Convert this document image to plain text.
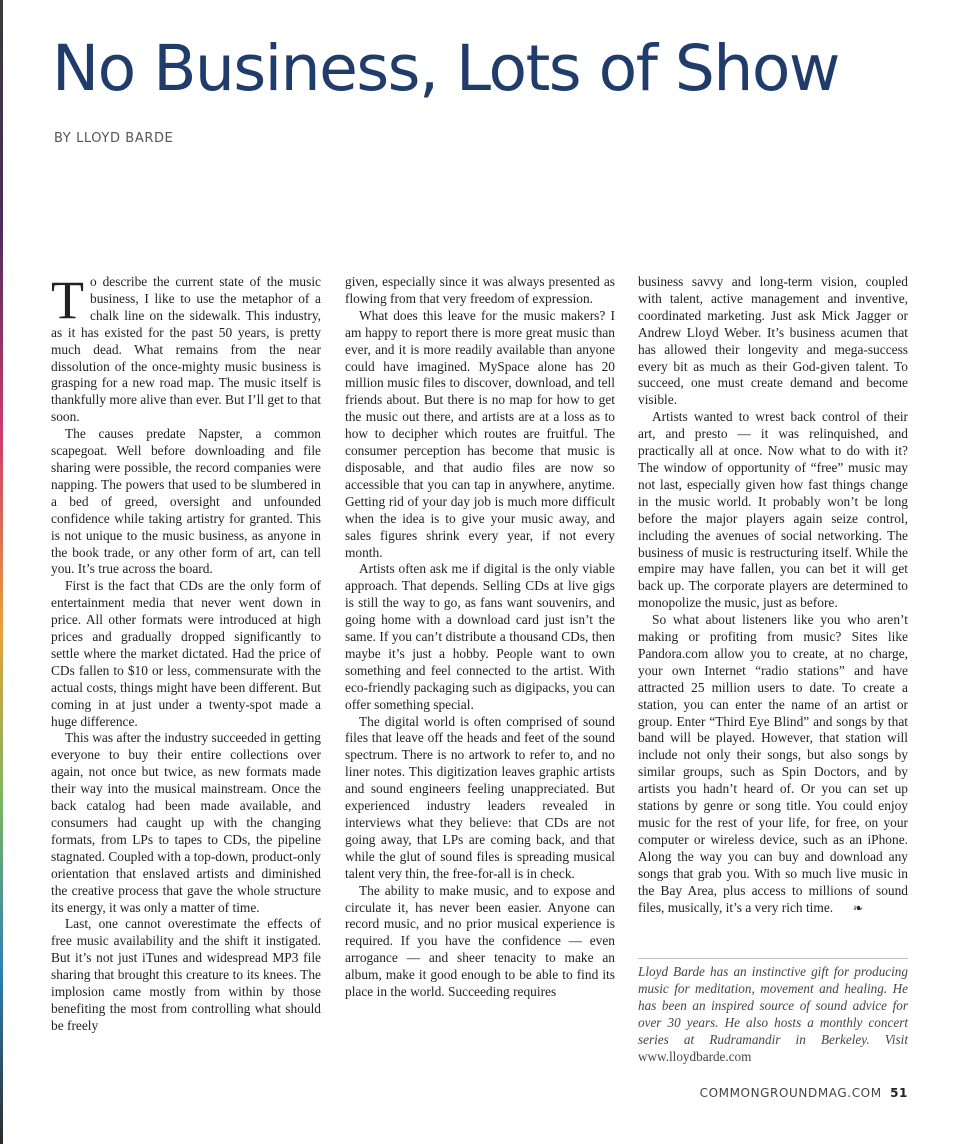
No Business, Lots of Show
BY LLOYD BARDE

To describe the current state of the music business, I like to use the metaphor of a chalk line on the sidewalk. This industry, as it has existed for the past 50 years, is pretty much dead. What remains from the near dissolution of the once-mighty music business is grasping for a new road map. The music itself is thankfully more alive than ever. But I’ll get to that soon.

The causes predate Napster, a common scapegoat. Well before downloading and file sharing were possible, the record companies were napping. The powers that used to be slumbered in a bed of greed, oversight and unfounded confidence while taking artistry for granted. This is not unique to the music business, as anyone in the book trade, or any other form of art, can tell you. It’s true across the board.

First is the fact that CDs are the only form of entertainment media that never went down in price. All other formats were introduced at high prices and gradually dropped significantly to settle where the market dictated. Had the price of CDs fallen to $10 or less, commensurate with the actual costs, things might have been different. But coming in at just under a twenty-spot made a huge difference.

This was after the industry succeeded in getting everyone to buy their entire collections over again, not once but twice, as new formats made their way into the musical mainstream. Once the back catalog had been made available, and consumers had caught up with the changing formats, from LPs to tapes to CDs, the pipeline stagnated. Coupled with a top-down, product-only orientation that enslaved artists and diminished the creative process that gave the whole structure its energy, it was only a matter of time.

Last, one cannot overestimate the effects of free music availability and the shift it instigated. But it’s not just iTunes and widespread MP3 file sharing that brought this creature to its knees. The implosion came mostly from within by those benefiting the most from controlling what should be freely

given, especially since it was always presented as flowing from that very freedom of expression.

What does this leave for the music makers? I am happy to report there is more great music than ever, and it is more readily available than anyone could have imagined. MySpace alone has 20 million music files to discover, download, and tell friends about. But there is no map for how to get the music out there, and artists are at a loss as to how to decipher which routes are fruitful. The consumer perception has become that music is disposable, and that audio files are now so accessible that you can tap in anywhere, anytime. Getting rid of your day job is much more difficult when the idea is to give your music away, and sales figures shrink every year, if not every month.

Artists often ask me if digital is the only viable approach. That depends. Selling CDs at live gigs is still the way to go, as fans want souvenirs, and going home with a download card just isn’t the same. If you can’t distribute a thousand CDs, then maybe it’s just a hobby. People want to own something and feel connected to the artist. With eco-friendly packaging such as digipacks, you can offer something special.

The digital world is often comprised of sound files that leave off the heads and feet of the sound spectrum. There is no artwork to refer to, and no liner notes. This digitization leaves graphic artists and sound engineers feeling unappreciated. But experienced industry leaders revealed in interviews what they believe: that CDs are not going away, that LPs are coming back, and that while the glut of sound files is spreading musical talent very thin, the free-for-all is in check.

The ability to make music, and to expose and circulate it, has never been easier. Anyone can record music, and no prior musical experience is required. If you have the confidence — even arrogance — and sheer tenacity to make an album, make it good enough to be able to find its place in the world. Succeeding requires

business savvy and long-term vision, coupled with talent, active management and inventive, coordinated marketing. Just ask Mick Jagger or Andrew Lloyd Weber. It’s business acumen that has allowed their longevity and mega-success every bit as much as their God-given talent. To succeed, one must create demand and become visible.

Artists wanted to wrest back control of their art, and presto — it was relinquished, and practically all at once. Now what to do with it? The window of opportunity of “free” music may not last, especially given how fast things change in the music world. It probably won’t be long before the major players again seize control, including the avenues of social networking. The business of music is restructuring itself. While the empire may have fallen, you can bet it will get back up. The corporate players are determined to monopolize the music, just as before.

So what about listeners like you who aren’t making or profiting from music? Sites like Pandora.com allow you to create, at no charge, your own Internet “radio stations” and have attracted 25 million users to date. To create a station, you can enter the name of an artist or group. Enter “Third Eye Blind” and songs by that band will be played. However, that station will include not only their songs, but also songs by similar groups, such as Spin Doctors, and by artists you hadn’t heard of. Or you can set up stations by genre or song title. You could enjoy music for the rest of your life, for free, on your computer or wireless device, such as an iPhone. Along the way you can buy and download any songs that grab you. With so much live music in the Bay Area, plus access to millions of sound files, musically, it’s a very rich time. ❧

Lloyd Barde has an instinctive gift for producing music for meditation, movement and healing. He has been an inspired source of sound advice for over 30 years. He also hosts a monthly concert series at Rudramandir in Berkeley. Visit www.lloydbarde.com
COMMONGROUNDMAG.COM 51
